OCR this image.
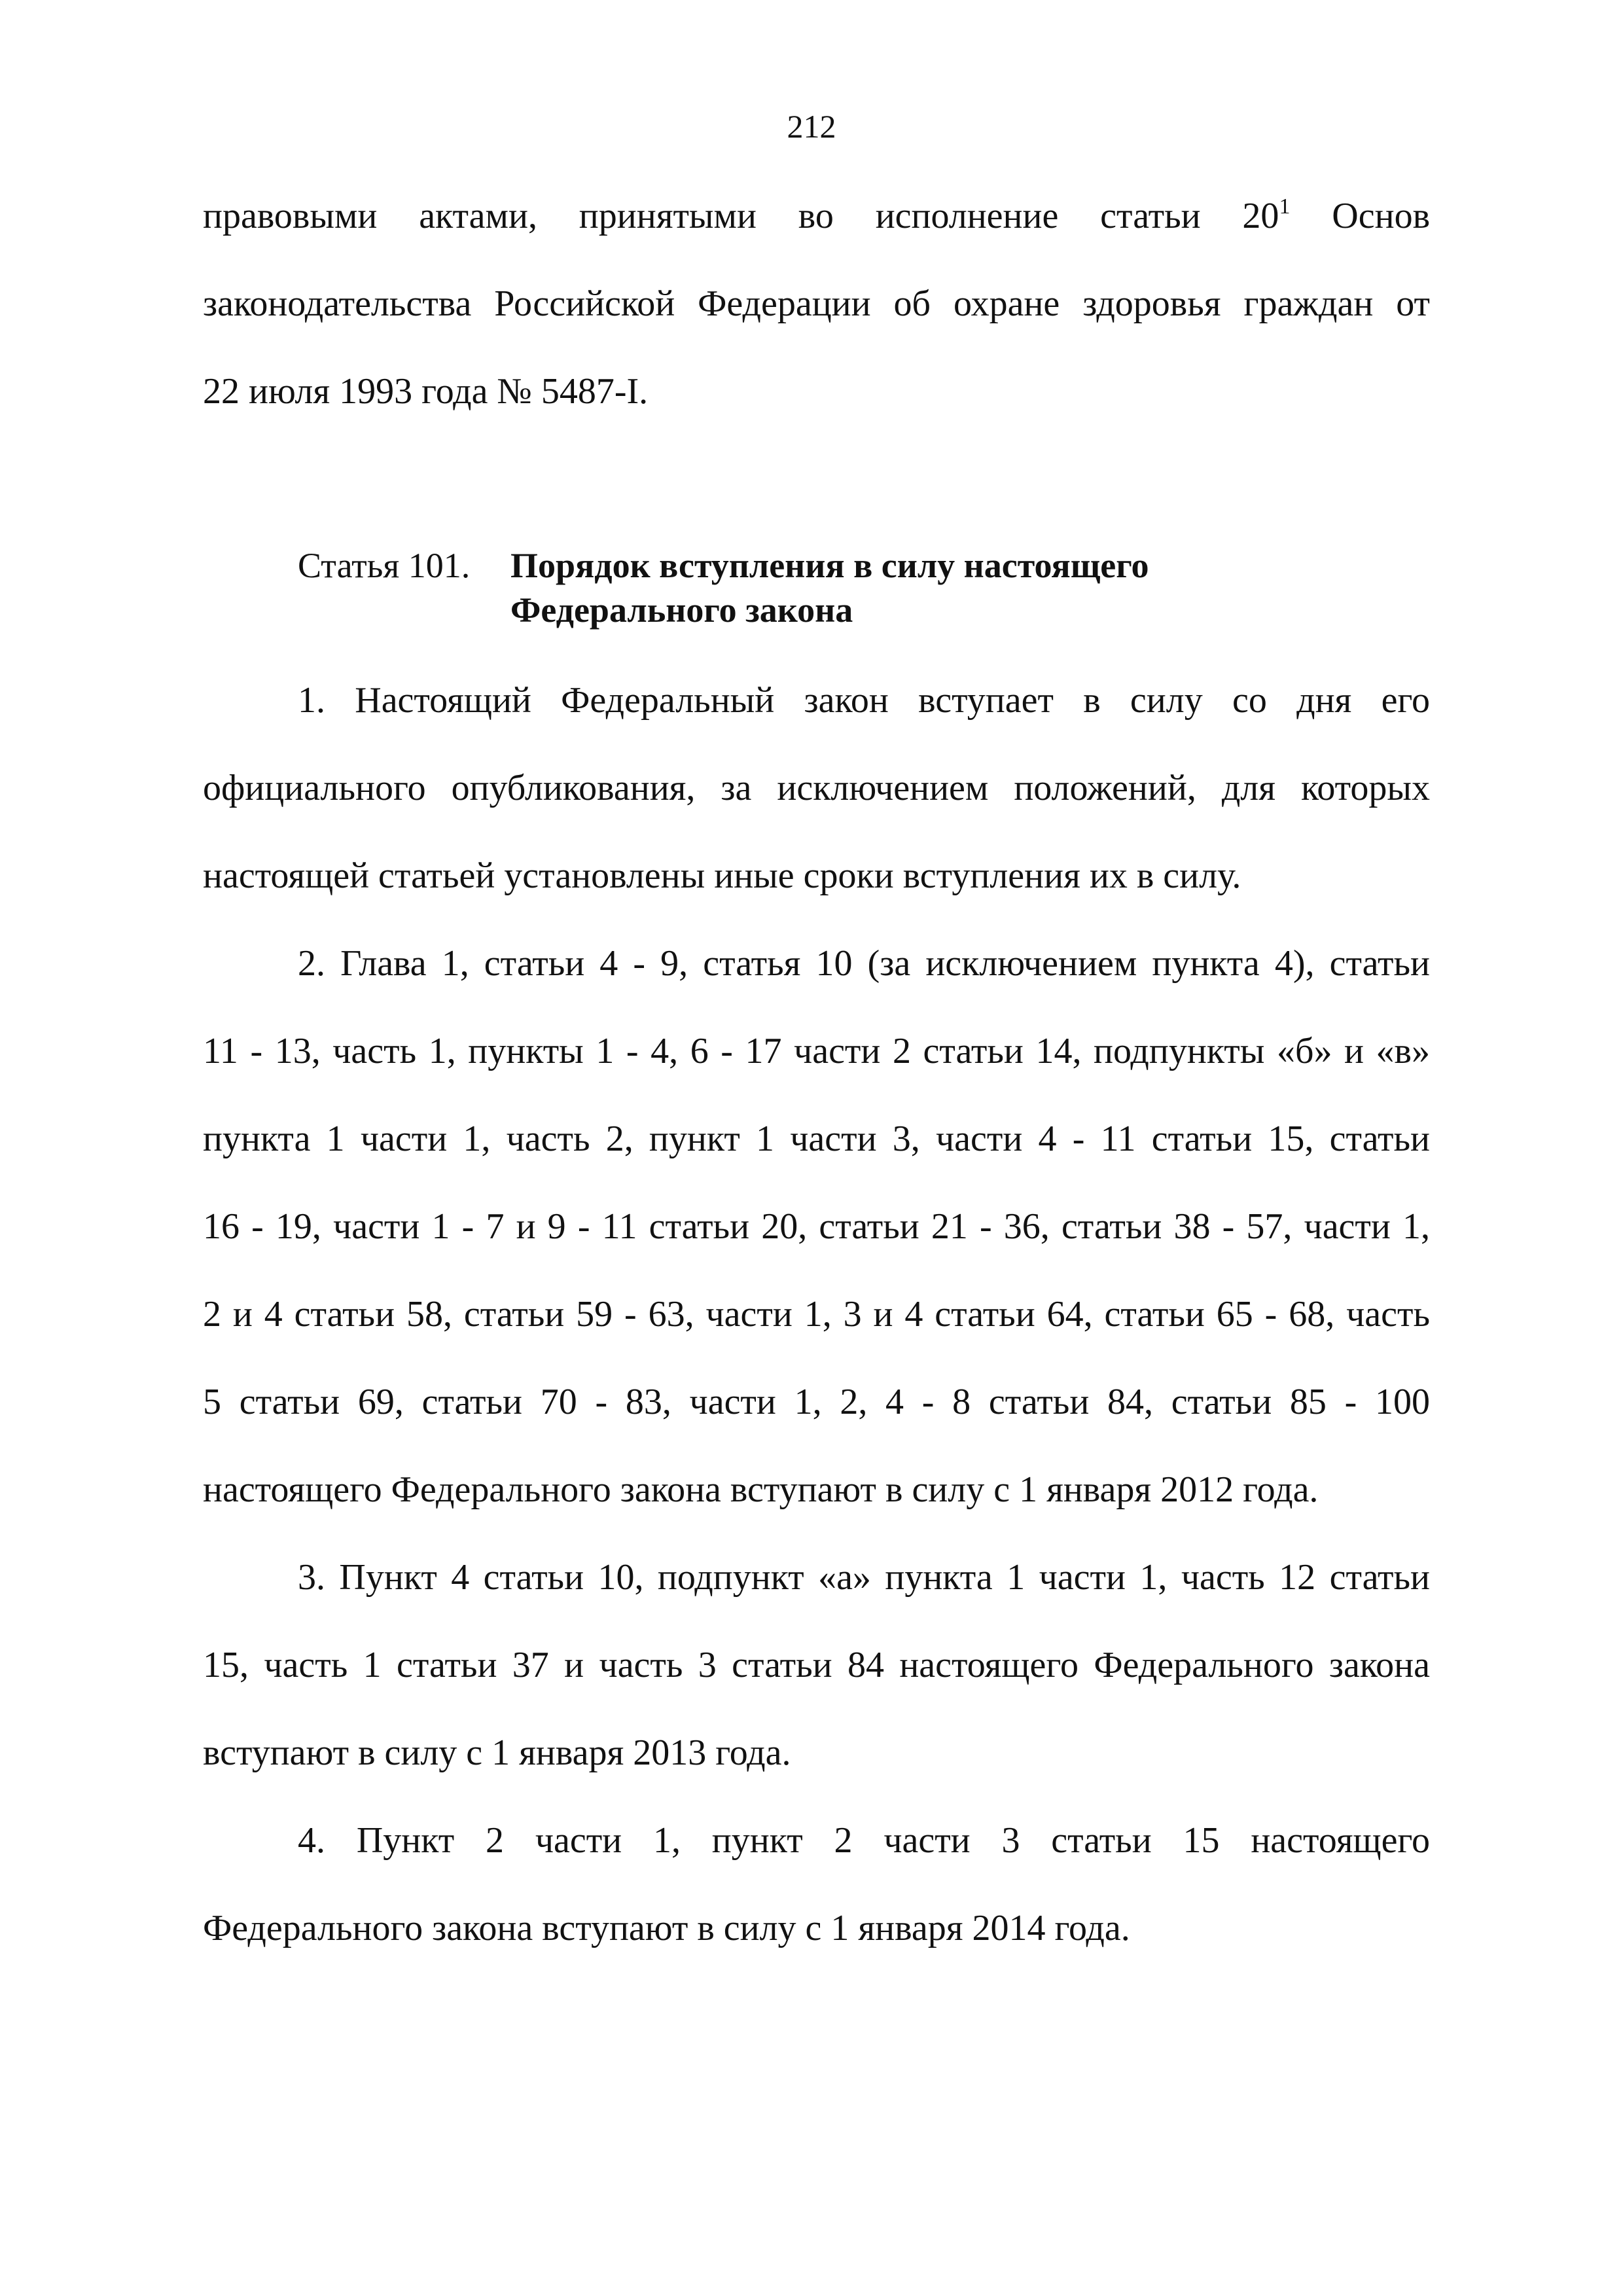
212
правовыми актами, принятыми во исполнение статьи $20^1$ Основ
законодательства Российской Федерации об охране здоровья граждан от
22 июля 1993 года № 5487-I.
Статья 101. Порядок вступления в силу настоящего
Федерального закона
1. Настоящий Федеральный закон вступает в силу со дня его
официального опубликования, за исключением положений, для которых
настоящей статьей установлены иные сроки вступления их в силу.
2. Глава 1, статьи 4 - 9, статья 10 (за исключением пункта 4), статьи
11 - 13, часть 1, пункты 1 - 4, 6 - 17 части 2 статьи 14, подпункты «б» и «в»
пункта 1 части 1, часть 2, пункт 1 части 3, части 4 - 11 статьи 15, статьи
16 - 19, части 1 - 7 и 9 - 11 статьи 20, статьи 21 - 36, статьи 38 - 57, части 1,
2 и 4 статьи 58, статьи 59 - 63, части 1, 3 и 4 статьи 64, статьи 65 - 68, часть
5 статьи 69, статьи 70 - 83, части 1, 2, 4 - 8 статьи 84, статьи 85 - 100
настоящего Федерального закона вступают в силу с 1 января 2012 года.
3. Пункт 4 статьи 10, подпункт «а» пункта 1 части 1, часть 12 статьи
15, часть 1 статьи 37 и часть 3 статьи 84 настоящего Федерального закона
вступают в силу с 1 января 2013 года.
4. Пункт 2 части 1, пункт 2 части 3 статьи 15 настоящего
Федерального закона вступают в силу с 1 января 2014 года.
